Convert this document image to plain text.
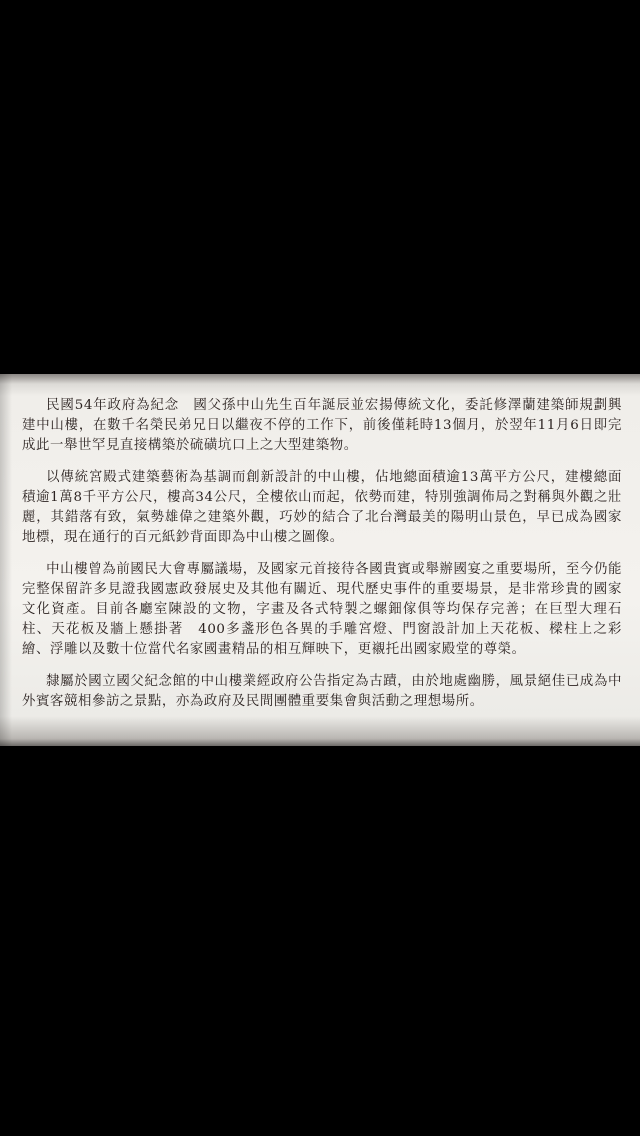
民國54年政府為紀念　國父孫中山先生百年誕辰並宏揚傳統文化，委託修澤蘭建築師規劃興建中山樓，在數千名榮民弟兄日以繼夜不停的工作下，前後僅耗時13個月，於翌年11月6日即完成此一舉世罕見直接構築於硫磺坑口上之大型建築物。

以傳統宮殿式建築藝術為基調而創新設計的中山樓，佔地總面積逾13萬平方公尺，建樓總面積逾1萬8千平方公尺，樓高34公尺，全樓依山而起，依勢而建，特別強調佈局之對稱與外觀之壯麗，其錯落有致，氣勢雄偉之建築外觀，巧妙的結合了北台灣最美的陽明山景色，早已成為國家地標，現在通行的百元紙鈔背面即為中山樓之圖像。

中山樓曾為前國民大會專屬議場，及國家元首接待各國貴賓或舉辦國宴之重要場所，至今仍能完整保留許多見證我國憲政發展史及其他有關近、現代歷史事件的重要場景，是非常珍貴的國家文化資產。目前各廳室陳設的文物，字畫及各式特製之螺鈿傢俱等均保存完善；在巨型大理石柱、天花板及牆上懸掛著　400多盞形色各異的手雕宮燈、門窗設計加上天花板、樑柱上之彩繪、浮雕以及數十位當代名家國畫精品的相互輝映下，更襯托出國家殿堂的尊榮。

隸屬於國立國父紀念館的中山樓業經政府公告指定為古蹟，由於地處幽勝，風景絕佳已成為中外賓客競相參訪之景點，亦為政府及民間團體重要集會與活動之理想場所。
